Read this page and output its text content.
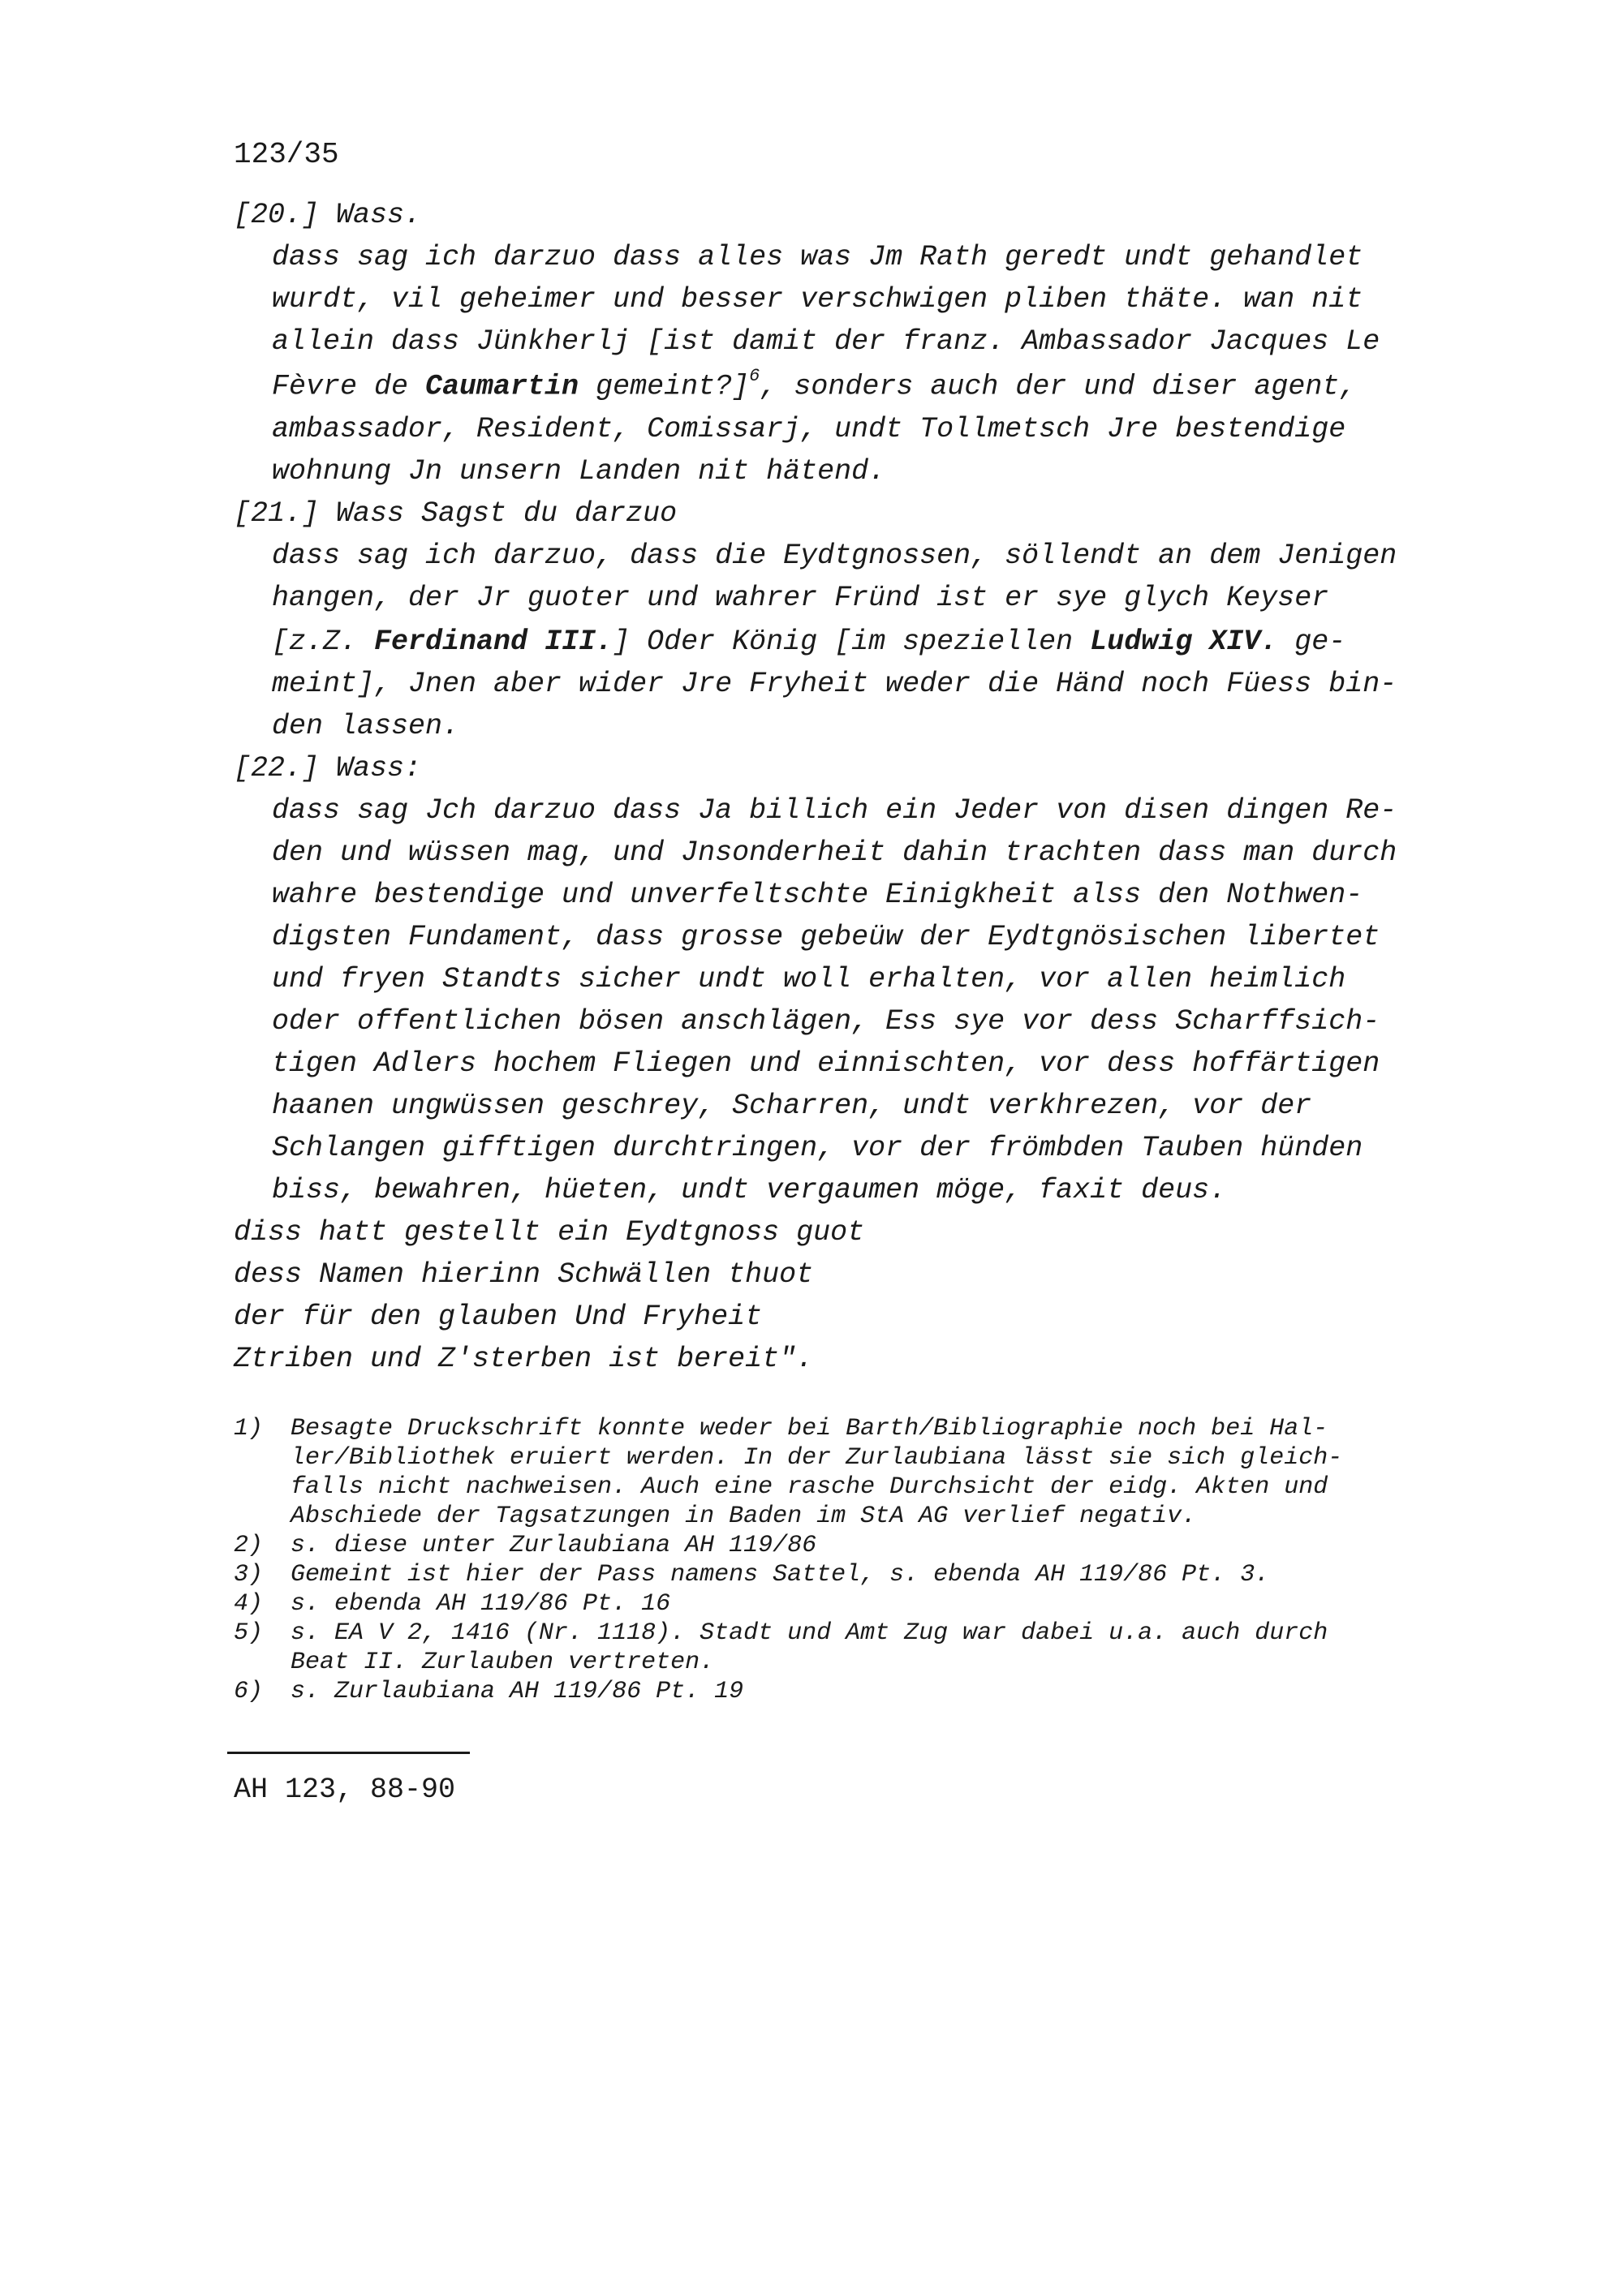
123/35
[20.] Wass.
dass sag ich darzuo dass alles was Jm Rath geredt undt gehandlet
wurdt, vil geheimer und besser verschwigen pliben thäte. wan nit
allein dass Jünkherlj [ist damit der franz. Ambassador Jacques Le
Fèvre de Caumartin gemeint?]$^6$, sonders auch der und diser agent,
ambassador, Resident, Comissarj, undt Tollmetsch Jre bestendige
wohnung Jn unsern Landen nit hätend.
[21.] Wass Sagst du darzuo
dass sag ich darzuo, dass die Eydtgnossen, söllendt an dem Jenigen
hangen, der Jr guoter und wahrer Fründ ist er sye glych Keyser
[z.Z. Ferdinand III.] Oder König [im speziellen Ludwig XIV. ge-
meint], Jnen aber wider Jre Fryheit weder die Händ noch Füess bin-
den lassen.
[22.] Wass:
dass sag Jch darzuo dass Ja billich ein Jeder von disen dingen Re-
den und wüssen mag, und Jnsonderheit dahin trachten dass man durch
wahre bestendige und unverfeltschte Einigkheit alss den Nothwen-
digsten Fundament, dass grosse gebeüw der Eydtgnösischen libertet
und fryen Standts sicher undt woll erhalten, vor allen heimlich
oder offentlichen bösen anschlägen, Ess sye vor dess Scharffsich-
tigen Adlers hochem Fliegen und einnischten, vor dess hoffärtigen
haanen ungwüssen geschrey, Scharren, undt verkhrezen, vor der
Schlangen gifftigen durchtringen, vor der frömbden Tauben hünden
biss, bewahren, hüeten, undt vergaumen möge, faxit deus.
diss hatt gestellt ein Eydtgnoss guot
dess Namen hierinn Schwällen thuot
der für den glauben Und Fryheit
Ztriben und Z'sterben ist bereit".
1) Besagte Druckschrift konnte weder bei Barth/Bibliographie noch bei Hal-
ler/Bibliothek eruiert werden. In der Zurlaubiana lässt sie sich gleich-
falls nicht nachweisen. Auch eine rasche Durchsicht der eidg. Akten und
Abschiede der Tagsatzungen in Baden im StA AG verlief negativ.
2) s. diese unter Zurlaubiana AH 119/86
3) Gemeint ist hier der Pass namens Sattel, s. ebenda AH 119/86 Pt. 3.
4) s. ebenda AH 119/86 Pt. 16
5) s. EA V 2, 1416 (Nr. 1118). Stadt und Amt Zug war dabei u.a. auch durch
Beat II. Zurlauben vertreten.
6) s. Zurlaubiana AH 119/86 Pt. 19
AH 123, 88-90
